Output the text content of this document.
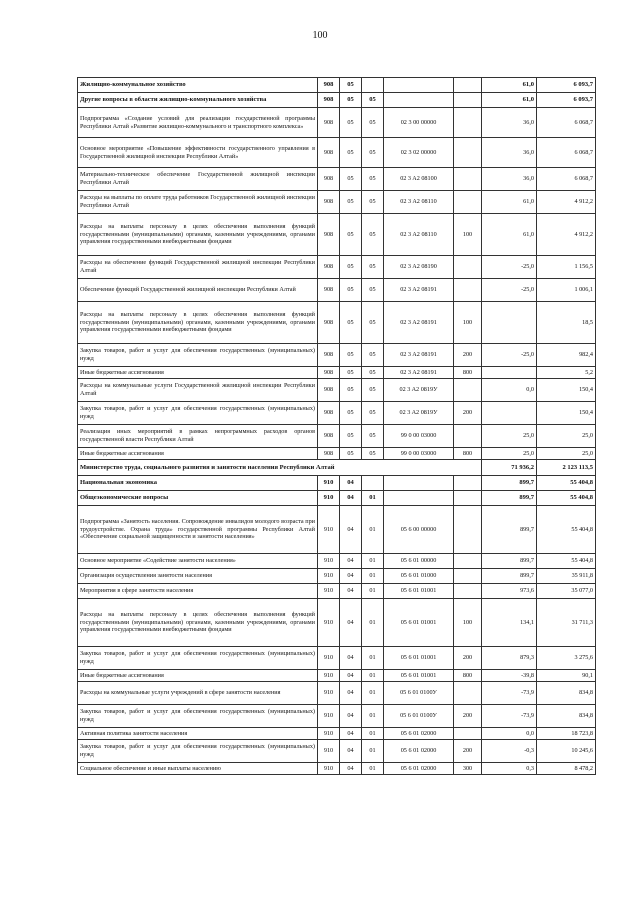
100
Жилищно-коммунальное хозяйство	908	05				61,0	6 093,7
Другие вопросы в области жилищно-коммунального хозяйства	908	05	05			61,0	6 093,7
Подпрограмма «Создание условий для реализации государственной программы Республики Алтай «Развитие жилищно-коммунального и транспортного комплекса»	908	05	05	02 3 00 00000		36,0	6 068,7
Основное мероприятие «Повышение эффективности государственного управления в Государственной жилищной инспекции Республики Алтай»	908	05	05	02 3 02 00000		36,0	6 068,7
Материально-техническое обеспечение Государственной жилищной инспекции Республики Алтай	908	05	05	02 3 A2 08100		36,0	6 068,7
Расходы на выплаты по оплате труда работников Государственной жилищной инспекции Республики Алтай	908	05	05	02 3 A2 08110		61,0	4 912,2
Расходы на выплаты персоналу в целях обеспечения выполнения функций государственными (муниципальными) органами, казенными учреждениями, органами управления государственными внебюджетными фондами	908	05	05	02 3 A2 08110	100	61,0	4 912,2
Расходы на обеспечение функций Государственной жилищной инспекции Республики Алтай	908	05	05	02 3 A2 08190		-25,0	1 156,5
Обеспечение функций Государственной жилищной инспекции Республики Алтай	908	05	05	02 3 A2 08191		-25,0	1 006,1
Расходы на выплаты персоналу в целях обеспечения выполнения функций государственными (муниципальными) органами, казенными учреждениями, органами управления государственными внебюджетными фондами	908	05	05	02 3 A2 08191	100		18,5
Закупка товаров, работ и услуг для обеспечения государственных (муниципальных) нужд	908	05	05	02 3 A2 08191	200	-25,0	982,4
Иные бюджетные ассигнования	908	05	05	02 3 A2 08191	800		5,2
Расходы на коммунальные услуги Государственной жилищной инспекции Республики Алтай	908	05	05	02 3 A2 0819У		0,0	150,4
Закупка товаров, работ и услуг для обеспечения государственных (муниципальных) нужд	908	05	05	02 3 A2 0819У	200		150,4
Реализация иных мероприятий в рамках непрограммных расходов органов государственной власти Республики Алтай	908	05	05	99 0 00 03000		25,0	25,0
Иные бюджетные ассигнования	908	05	05	99 0 00 03000	800	25,0	25,0
Министерство труда, социального развития и занятости населения Республики Алтай						71 936,2	2 123 113,5
Национальная экономика	910	04				899,7	55 404,8
Общеэкономические вопросы	910	04	01			899,7	55 404,8
Подпрограмма «Занятость населения. Сопровождение инвалидов молодого возраста при трудоустройстве. Охрана труда» государственной программы Республики Алтай «Обеспечение социальной защищенности и занятости населения»	910	04	01	05 6 00 00000		899,7	55 404,8
Основное мероприятие «Содействие занятости населения»	910	04	01	05 6 01 00000		899,7	55 404,8
Организация осуществления занятости населения	910	04	01	05 6 01 01000		899,7	35 911,8
Мероприятия в сфере занятости населения	910	04	01	05 6 01 01001		973,6	35 077,0
Расходы на выплаты персоналу в целях обеспечения выполнения функций государственными (муниципальными) органами, казенными учреждениями, органами управления государственными внебюджетными фондами	910	04	01	05 6 01 01001	100	134,1	31 711,3
Закупка товаров, работ и услуг для обеспечения государственных (муниципальных) нужд	910	04	01	05 6 01 01001	200	879,3	3 275,6
Иные бюджетные ассигнования	910	04	01	05 6 01 01001	800	-39,8	90,1
Расходы на коммунальные услуги учреждений в сфере занятости населения	910	04	01	05 6 01 0100У		-73,9	834,8
Закупка товаров, работ и услуг для обеспечения государственных (муниципальных) нужд	910	04	01	05 6 01 0100У	200	-73,9	834,8
Активная политика занятости населения	910	04	01	05 6 01 02000		0,0	18 723,8
Закупка товаров, работ и услуг для обеспечения государственных (муниципальных) нужд	910	04	01	05 6 01 02000	200	-0,3	10 245,6
Социальное обеспечение и иные выплаты населению	910	04	01	05 6 01 02000	300	0,3	8 478,2
